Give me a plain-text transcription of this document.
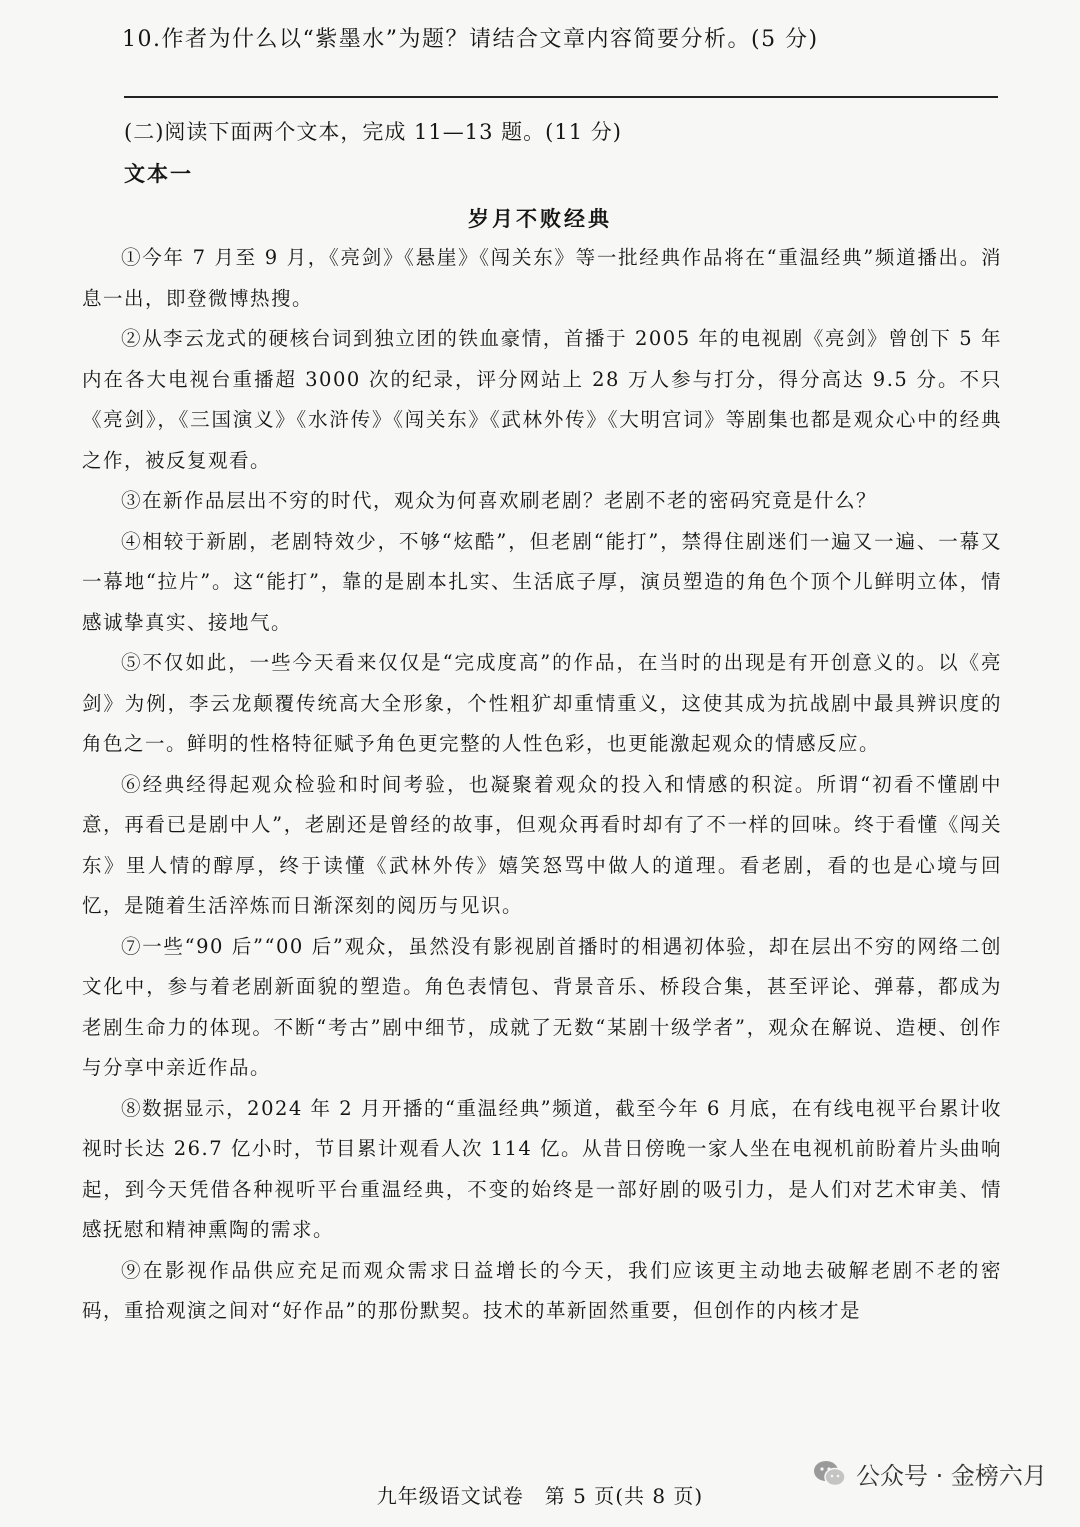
10.作者为什么以“紫墨水”为题？请结合文章内容简要分析。(5 分)
(二)阅读下面两个文本，完成 11—13 题。(11 分)
文本一
岁月不败经典

①今年 7 月至 9 月，《亮剑》《悬崖》《闯关东》等一批经典作品将在“重温经典”频道播出。消息一出，即登微博热搜。

②从李云龙式的硬核台词到独立团的铁血豪情，首播于 2005 年的电视剧《亮剑》曾创下 5 年内在各大电视台重播超 3000 次的纪录，评分网站上 28 万人参与打分，得分高达 9.5 分。不只《亮剑》，《三国演义》《水浒传》《闯关东》《武林外传》《大明宫词》等剧集也都是观众心中的经典之作，被反复观看。

③在新作品层出不穷的时代，观众为何喜欢刷老剧？老剧不老的密码究竟是什么？

④相较于新剧，老剧特效少，不够“炫酷”，但老剧“能打”，禁得住剧迷们一遍又一遍、一幕又一幕地“拉片”。这“能打”，靠的是剧本扎实、生活底子厚，演员塑造的角色个顶个儿鲜明立体，情感诚挚真实、接地气。

⑤不仅如此，一些今天看来仅仅是“完成度高”的作品，在当时的出现是有开创意义的。以《亮剑》为例，李云龙颠覆传统高大全形象，个性粗犷却重情重义，这使其成为抗战剧中最具辨识度的角色之一。鲜明的性格特征赋予角色更完整的人性色彩，也更能激起观众的情感反应。

⑥经典经得起观众检验和时间考验，也凝聚着观众的投入和情感的积淀。所谓“初看不懂剧中意，再看已是剧中人”，老剧还是曾经的故事，但观众再看时却有了不一样的回味。终于看懂《闯关东》里人情的醇厚，终于读懂《武林外传》嬉笑怒骂中做人的道理。看老剧，看的也是心境与回忆，是随着生活淬炼而日渐深刻的阅历与见识。

⑦一些“90 后”“00 后”观众，虽然没有影视剧首播时的相遇初体验，却在层出不穷的网络二创文化中，参与着老剧新面貌的塑造。角色表情包、背景音乐、桥段合集，甚至评论、弹幕，都成为老剧生命力的体现。不断“考古”剧中细节，成就了无数“某剧十级学者”，观众在解说、造梗、创作与分享中亲近作品。

⑧数据显示，2024 年 2 月开播的“重温经典”频道，截至今年 6 月底，在有线电视平台累计收视时长达 26.7 亿小时，节目累计观看人次 114 亿。从昔日傍晚一家人坐在电视机前盼着片头曲响起，到今天凭借各种视听平台重温经典，不变的始终是一部好剧的吸引力，是人们对艺术审美、情感抚慰和精神熏陶的需求。

⑨在影视作品供应充足而观众需求日益增长的今天，我们应该更主动地去破解老剧不老的密码，重拾观演之间对“好作品”的那份默契。技术的革新固然重要，但创作的内核才是

九年级语文试卷　第 5 页(共 8 页)
公众号 · 金榜六月
